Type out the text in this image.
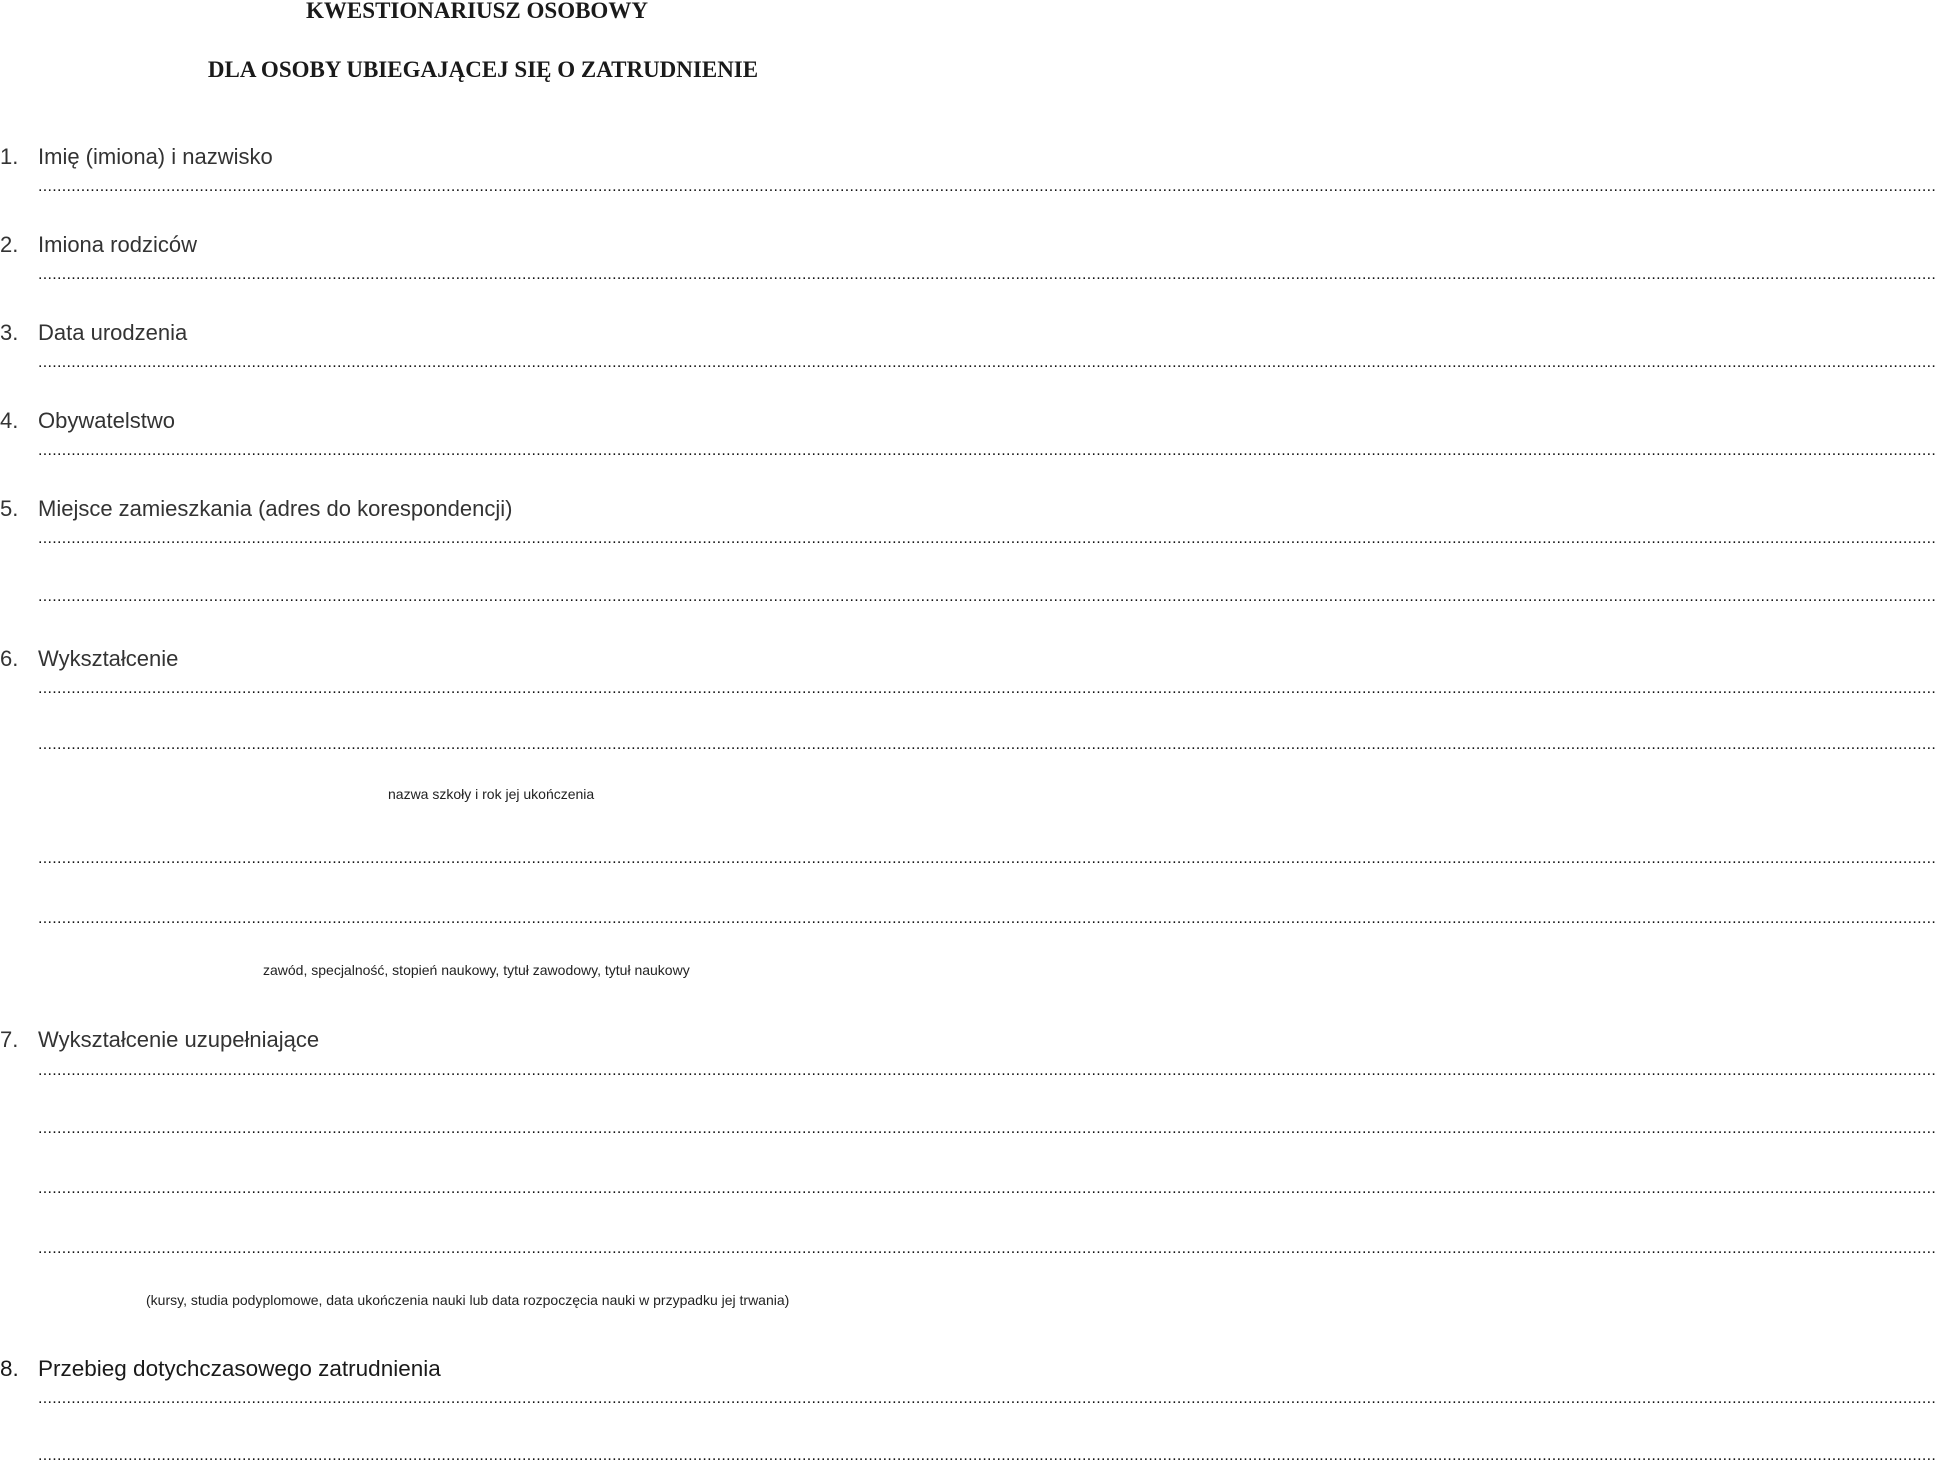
KWESTIONARIUSZ OSOBOWY
DLA OSOBY UBIEGAJĄCEJ SIĘ O ZATRUDNIENIE
1. Imię (imiona) i nazwisko
................................................................................................................................................................................................................................................................................................................................................................................................................
2. Imiona rodziców
................................................................................................................................................................................................................................................................................................................................................................................................................
3. Data urodzenia
................................................................................................................................................................................................................................................................................................................................................................................................................
4. Obywatelstwo
................................................................................................................................................................................................................................................................................................................................................................................................................
5. Miejsce zamieszkania (adres do korespondencji)
................................................................................................................................................................................................................................................................................................................................................................................................................
................................................................................................................................................................................................................................................................................................................................................................................................................
6. Wykształcenie
................................................................................................................................................................................................................................................................................................................................................................................................................
................................................................................................................................................................................................................................................................................................................................................................................................................
nazwa szkoły i rok jej ukończenia
................................................................................................................................................................................................................................................................................................................................................................................................................
................................................................................................................................................................................................................................................................................................................................................................................................................
zawód, specjalność, stopień naukowy, tytuł zawodowy, tytuł naukowy
7. Wykształcenie uzupełniające
................................................................................................................................................................................................................................................................................................................................................................................................................
................................................................................................................................................................................................................................................................................................................................................................................................................
................................................................................................................................................................................................................................................................................................................................................................................................................
................................................................................................................................................................................................................................................................................................................................................................................................................
(kursy, studia podyplomowe, data ukończenia nauki lub data rozpoczęcia nauki w przypadku jej trwania)
8. Przebieg dotychczasowego zatrudnienia
................................................................................................................................................................................................................................................................................................................................................................................................................
................................................................................................................................................................................................................................................................................................................................................................................................................
